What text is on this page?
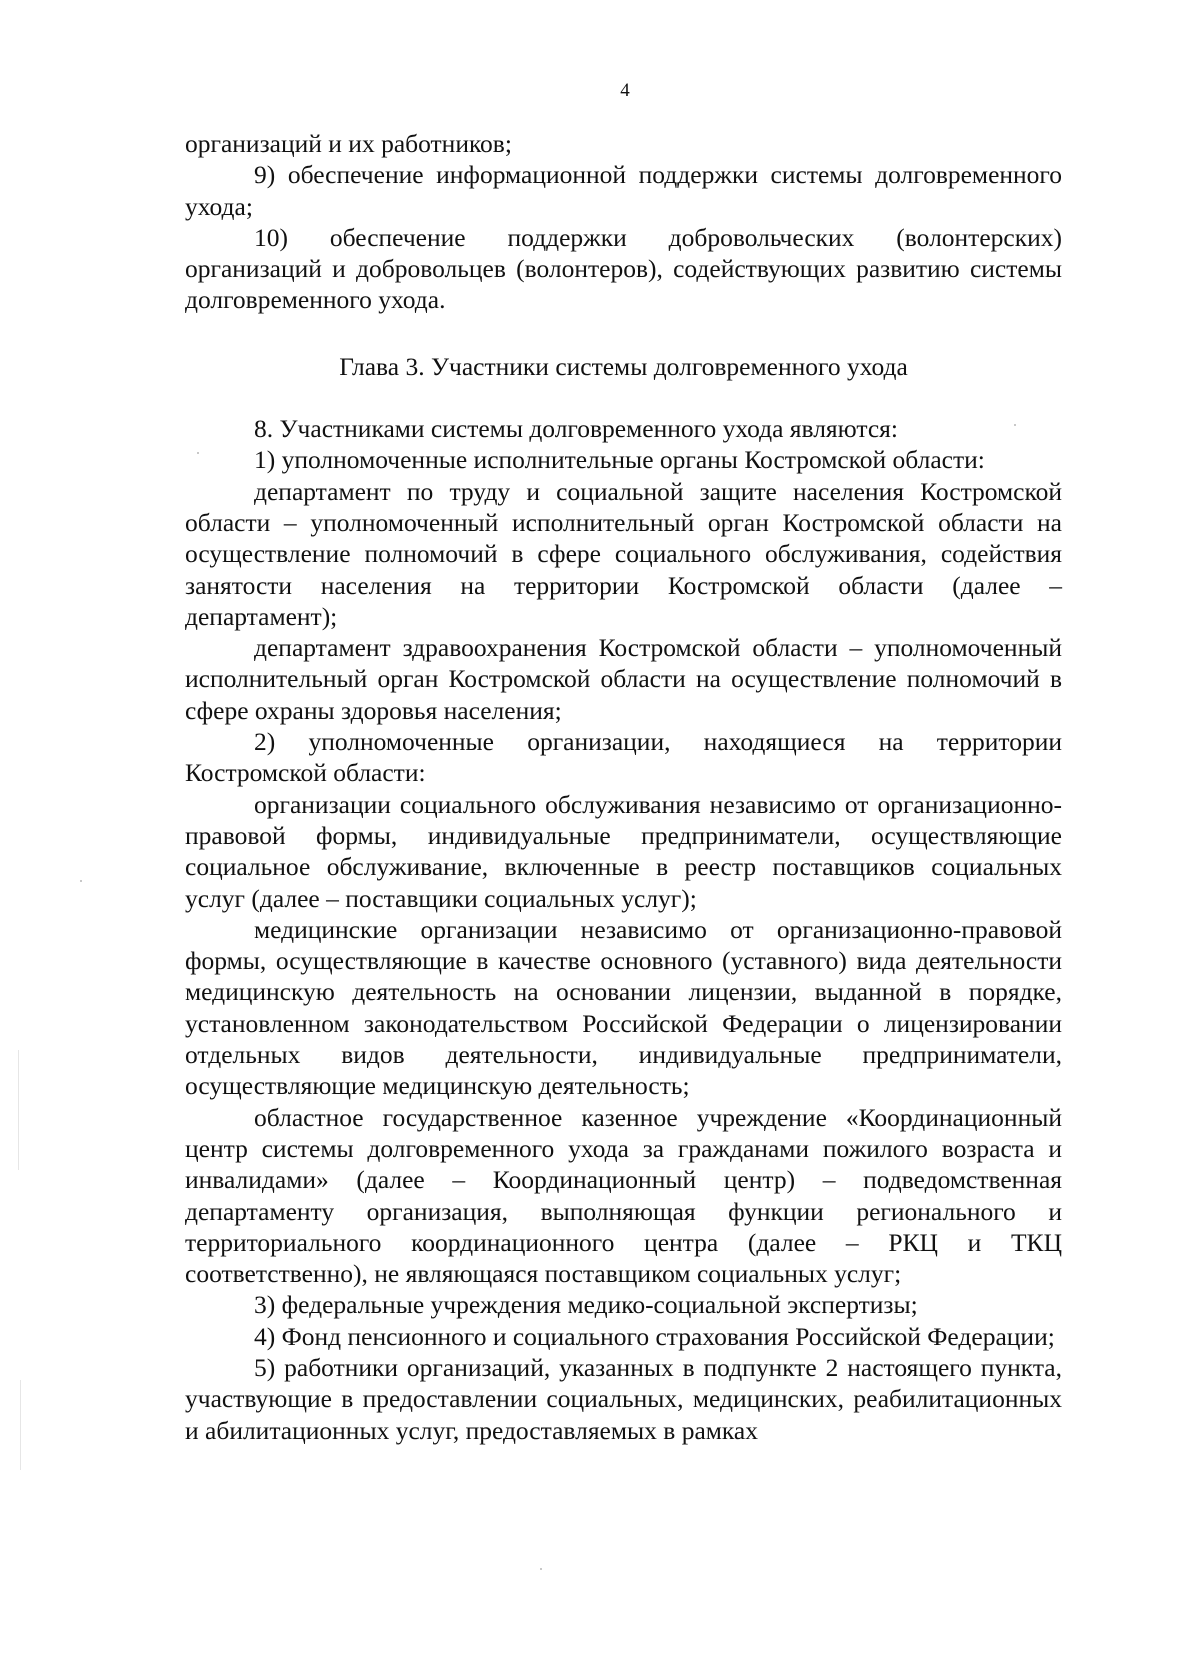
4

организаций и их работников;

9) обеспечение информационной поддержки системы долговременного ухода;

10) обеспечение поддержки добровольческих (волонтерских) организаций и добровольцев (волонтеров), содействующих развитию системы долговременного ухода.

Глава 3. Участники системы долговременного ухода

8. Участниками системы долговременного ухода являются:

1) уполномоченные исполнительные органы Костромской области:

департамент по труду и социальной защите населения Костромской области – уполномоченный исполнительный орган Костромской области на осуществление полномочий в сфере социального обслуживания, содействия занятости населения на территории Костромской области (далее – департамент);

департамент здравоохранения Костромской области – уполномоченный исполнительный орган Костромской области на осуществление полномочий в сфере охраны здоровья населения;

2) уполномоченные организации, находящиеся на территории Костромской области:

организации социального обслуживания независимо от организационно-правовой формы, индивидуальные предприниматели, осуществляющие социальное обслуживание, включенные в реестр поставщиков социальных услуг (далее – поставщики социальных услуг);

медицинские организации независимо от организационно-правовой формы, осуществляющие в качестве основного (уставного) вида деятельности медицинскую деятельность на основании лицензии, выданной в порядке, установленном законодательством Российской Федерации о лицензировании отдельных видов деятельности, индивидуальные предприниматели, осуществляющие медицинскую деятельность;

областное государственное казенное учреждение «Координационный центр системы долговременного ухода за гражданами пожилого возраста и инвалидами» (далее – Координационный центр) – подведомственная департаменту организация, выполняющая функции регионального и территориального координационного центра (далее – РКЦ и ТКЦ соответственно), не являющаяся поставщиком социальных услуг;

3) федеральные учреждения медико-социальной экспертизы;

4) Фонд пенсионного и социального страхования Российской Федерации;

5) работники организаций, указанных в подпункте 2 настоящего пункта, участвующие в предоставлении социальных, медицинских, реабилитационных и абилитационных услуг, предоставляемых в рамках
